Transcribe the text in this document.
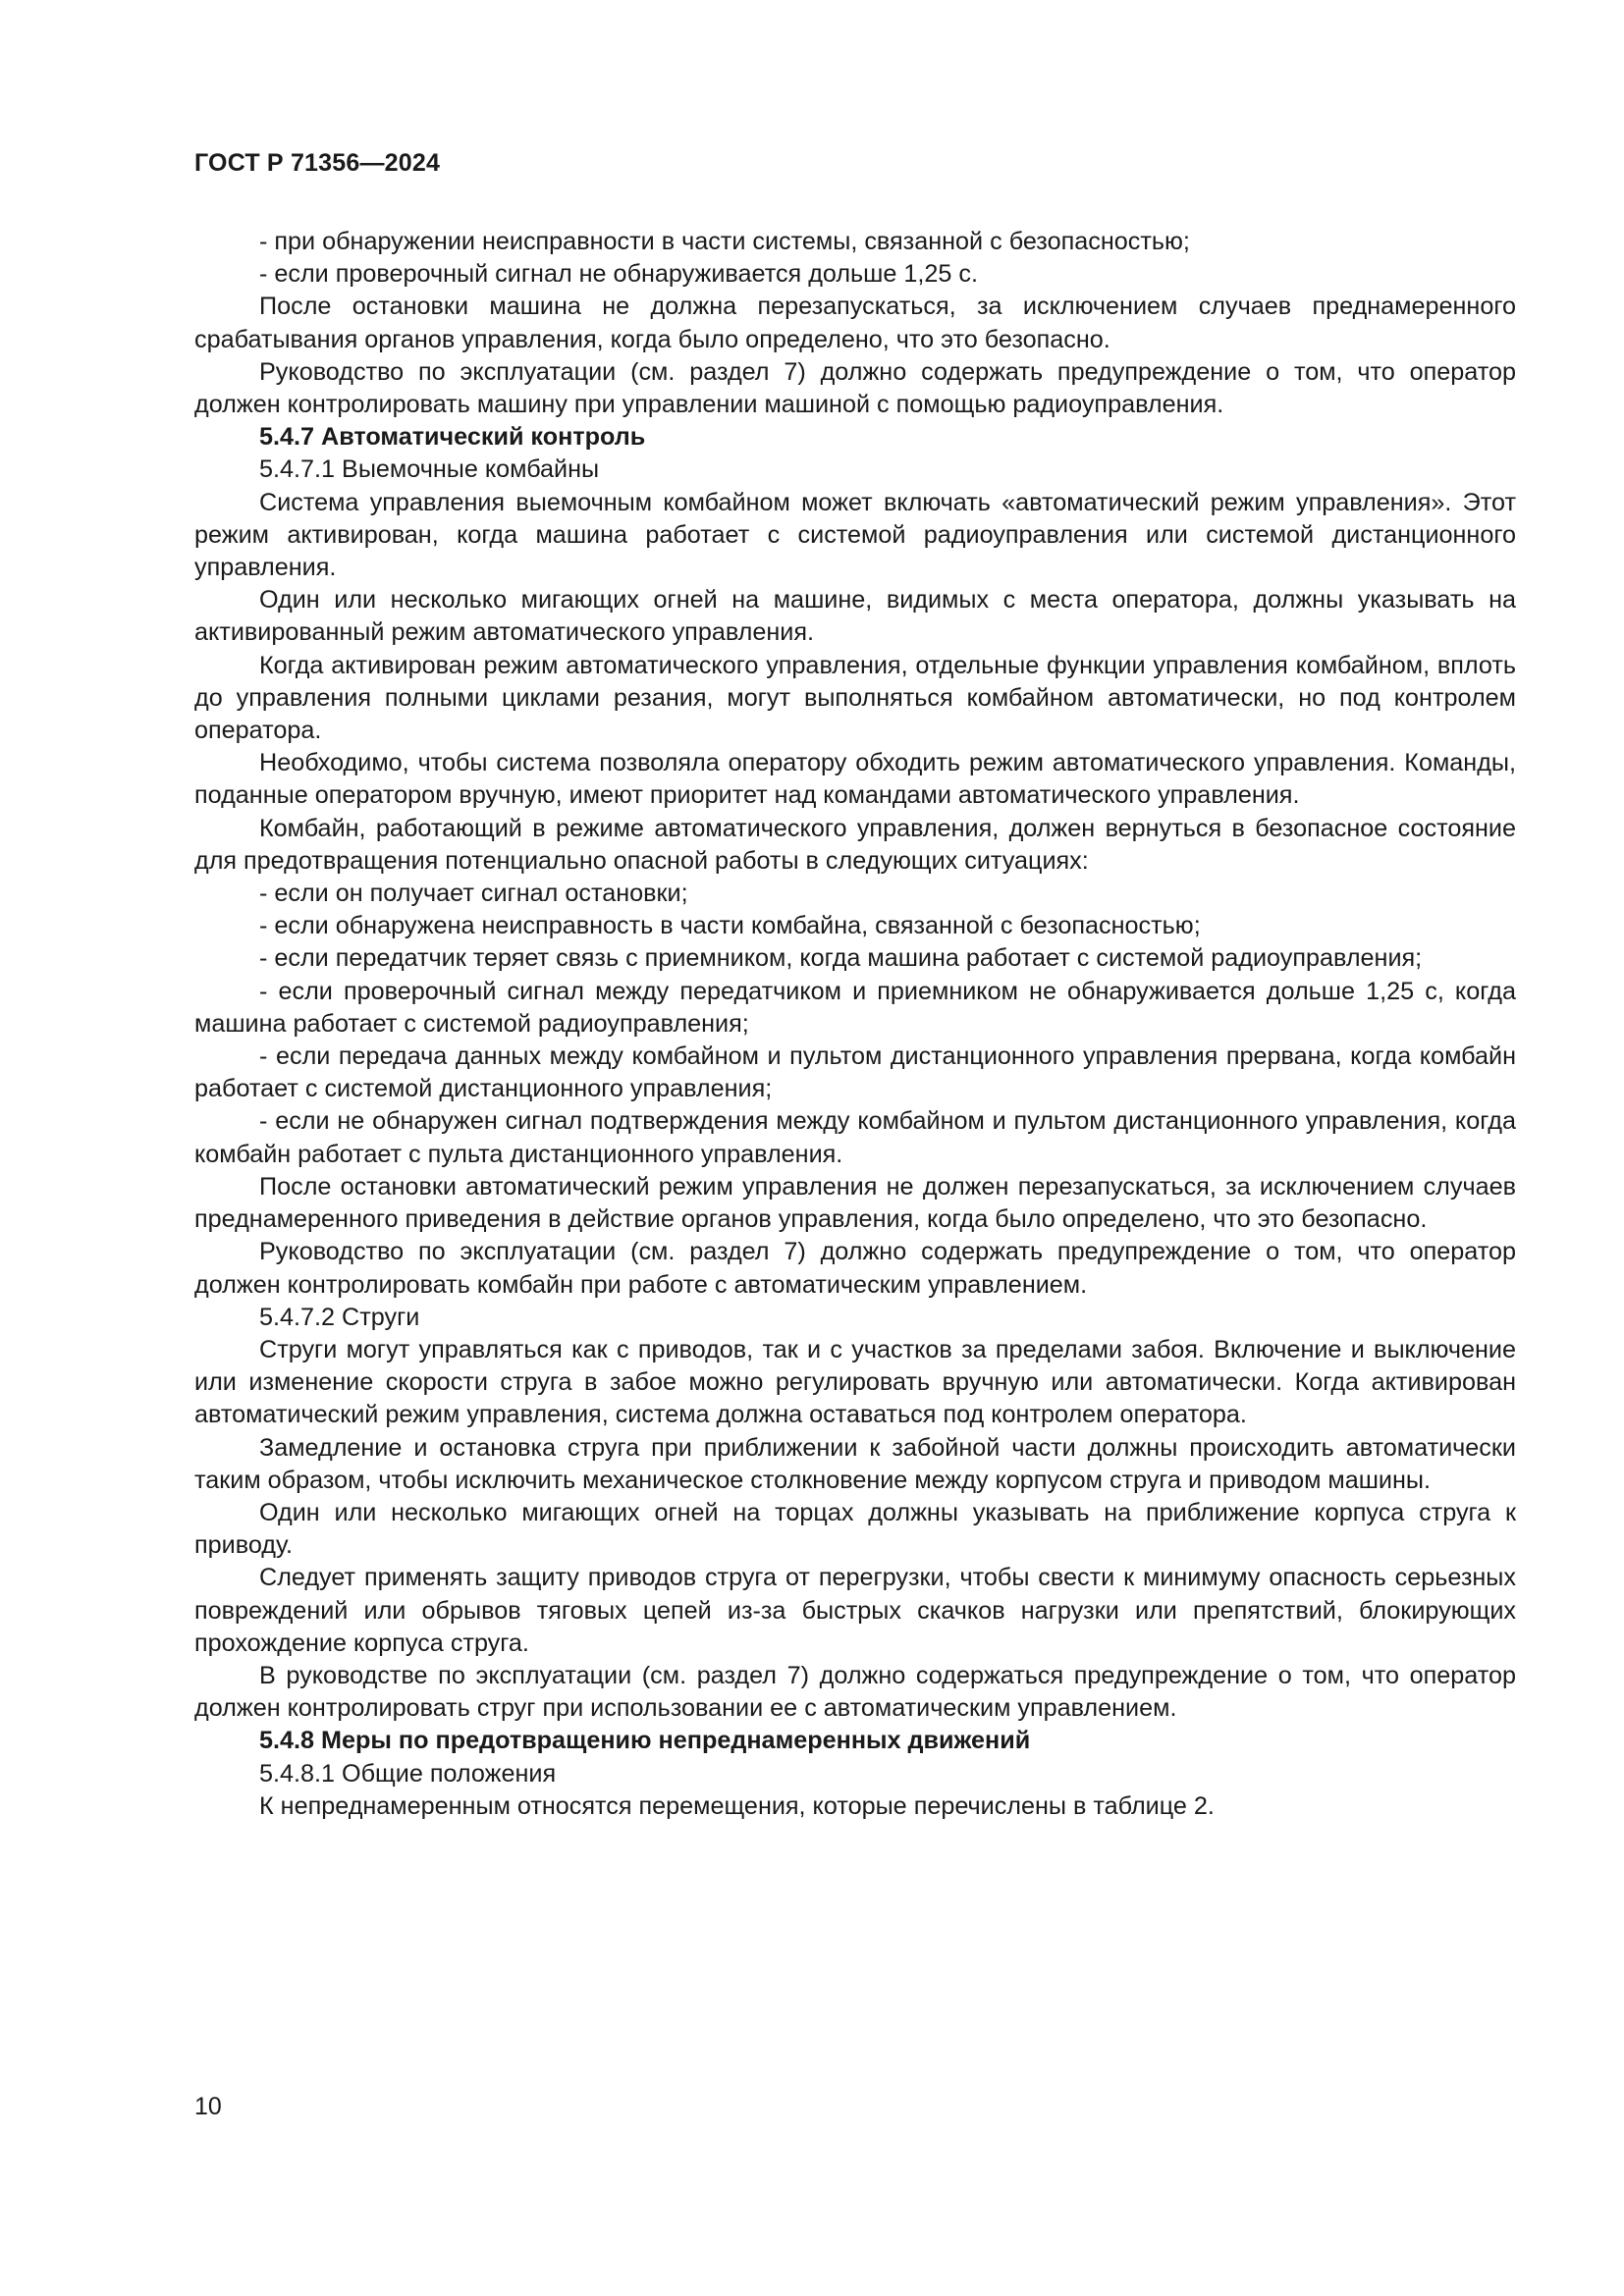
ГОСТ Р 71356—2024

- при обнаружении неисправности в части системы, связанной с безопасностью;

- если проверочный сигнал не обнаруживается дольше 1,25 с.

После остановки машина не должна перезапускаться, за исключением случаев преднамеренного срабатывания органов управления, когда было определено, что это безопасно.

Руководство по эксплуатации (см. раздел 7) должно содержать предупреждение о том, что оператор должен контролировать машину при управлении машиной с помощью радиоуправления.

5.4.7 Автоматический контроль

5.4.7.1 Выемочные комбайны

Система управления выемочным комбайном может включать «автоматический режим управления». Этот режим активирован, когда машина работает с системой радиоуправления или системой дистанционного управления.

Один или несколько мигающих огней на машине, видимых с места оператора, должны указывать на активированный режим автоматического управления.

Когда активирован режим автоматического управления, отдельные функции управления комбайном, вплоть до управления полными циклами резания, могут выполняться комбайном автоматически, но под контролем оператора.

Необходимо, чтобы система позволяла оператору обходить режим автоматического управления. Команды, поданные оператором вручную, имеют приоритет над командами автоматического управления.

Комбайн, работающий в режиме автоматического управления, должен вернуться в безопасное состояние для предотвращения потенциально опасной работы в следующих ситуациях:

- если он получает сигнал остановки;

- если обнаружена неисправность в части комбайна, связанной с безопасностью;

- если передатчик теряет связь с приемником, когда машина работает с системой радиоуправления;

- если проверочный сигнал между передатчиком и приемником не обнаруживается дольше 1,25 с, когда машина работает с системой радиоуправления;

- если передача данных между комбайном и пультом дистанционного управления прервана, когда комбайн работает с системой дистанционного управления;

- если не обнаружен сигнал подтверждения между комбайном и пультом дистанционного управления, когда комбайн работает с пульта дистанционного управления.

После остановки автоматический режим управления не должен перезапускаться, за исключением случаев преднамеренного приведения в действие органов управления, когда было определено, что это безопасно.

Руководство по эксплуатации (см. раздел 7) должно содержать предупреждение о том, что оператор должен контролировать комбайн при работе с автоматическим управлением.

5.4.7.2 Струги

Струги могут управляться как с приводов, так и с участков за пределами забоя. Включение и выключение или изменение скорости струга в забое можно регулировать вручную или автоматически. Когда активирован автоматический режим управления, система должна оставаться под контролем оператора.

Замедление и остановка струга при приближении к забойной части должны происходить автоматически таким образом, чтобы исключить механическое столкновение между корпусом струга и приводом машины.

Один или несколько мигающих огней на торцах должны указывать на приближение корпуса струга к приводу.

Следует применять защиту приводов струга от перегрузки, чтобы свести к минимуму опасность серьезных повреждений или обрывов тяговых цепей из-за быстрых скачков нагрузки или препятствий, блокирующих прохождение корпуса струга.

В руководстве по эксплуатации (см. раздел 7) должно содержаться предупреждение о том, что оператор должен контролировать струг при использовании ее с автоматическим управлением.

5.4.8 Меры по предотвращению непреднамеренных движений

5.4.8.1 Общие положения

К непреднамеренным относятся перемещения, которые перечислены в таблице 2.

10
